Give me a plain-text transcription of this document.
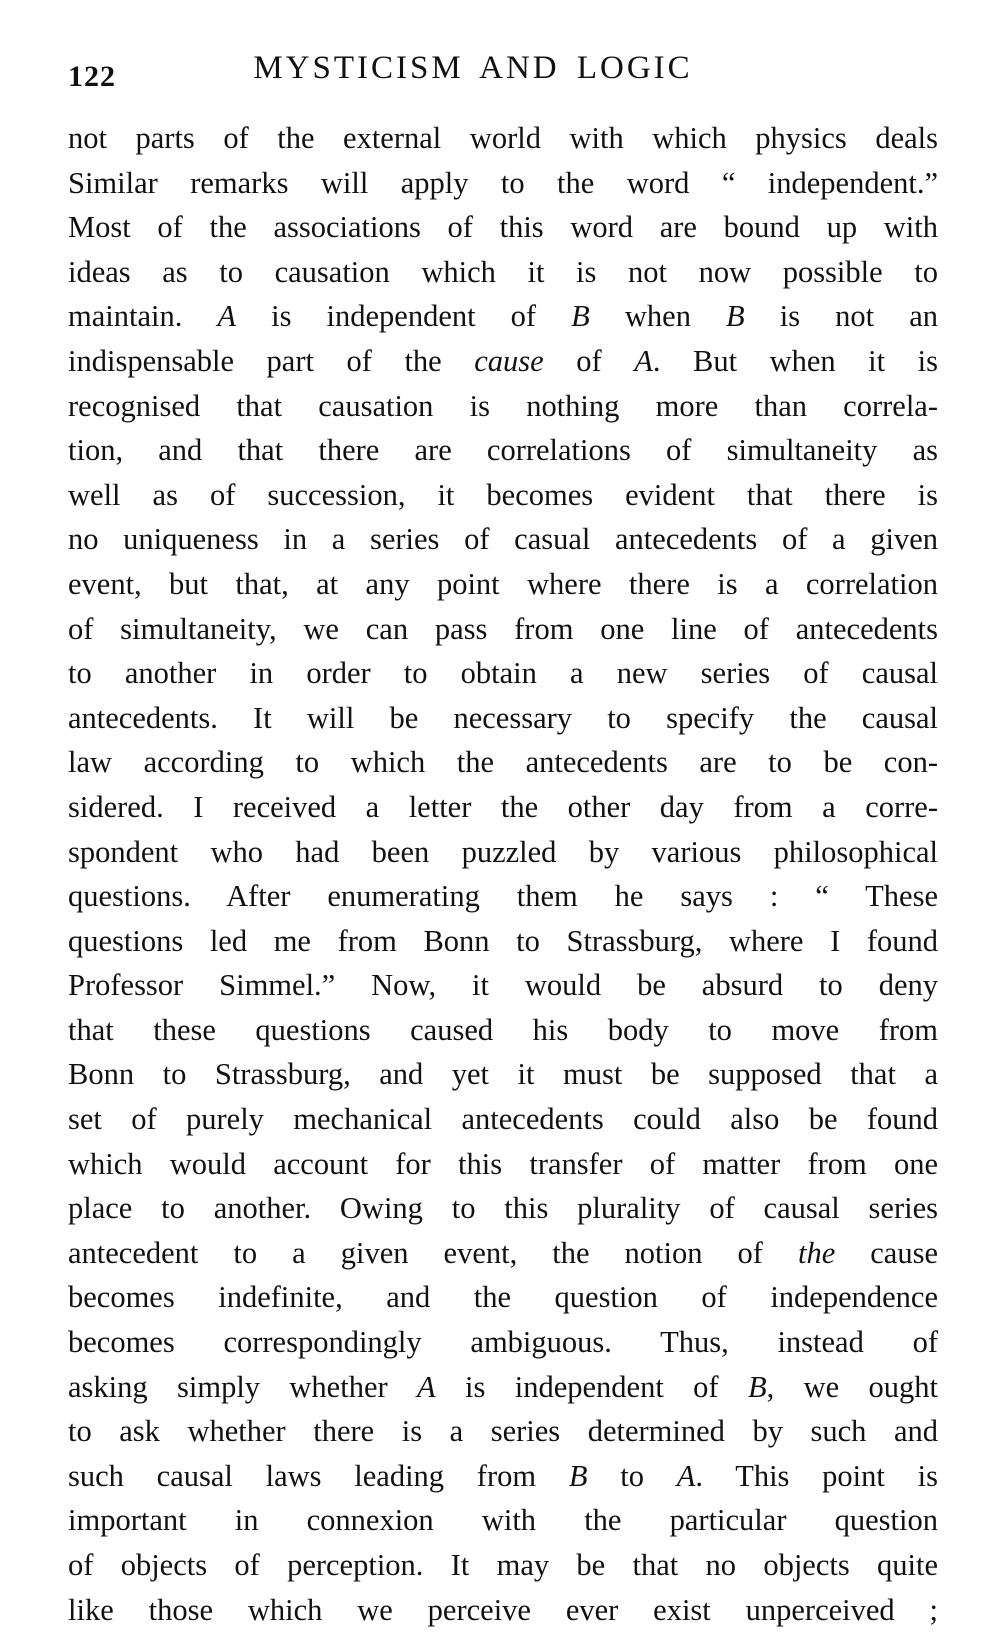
122	MYSTICISM AND LOGIC
not parts of the external world with which physics deals
Similar remarks will apply to the word “ independent.”
Most of the associations of this word are bound up with
ideas as to causation which it is not now possible to
maintain. A is independent of B when B is not an
indispensable part of the cause of A. But when it is
recognised that causation is nothing more than correla-
tion, and that there are correlations of simultaneity as
well as of succession, it becomes evident that there is
no uniqueness in a series of casual antecedents of a given
event, but that, at any point where there is a correlation
of simultaneity, we can pass from one line of antecedents
to another in order to obtain a new series of causal
antecedents. It will be necessary to specify the causal
law according to which the antecedents are to be con-
sidered. I received a letter the other day from a corre-
spondent who had been puzzled by various philosophical
questions. After enumerating them he says : “ These
questions led me from Bonn to Strassburg, where I found
Professor Simmel.” Now, it would be absurd to deny
that these questions caused his body to move from
Bonn to Strassburg, and yet it must be supposed that a
set of purely mechanical antecedents could also be found
which would account for this transfer of matter from one
place to another. Owing to this plurality of causal series
antecedent to a given event, the notion of the cause
becomes indefinite, and the question of independence
becomes correspondingly ambiguous. Thus, instead of
asking simply whether A is independent of B, we ought
to ask whether there is a series determined by such and
such causal laws leading from B to A. This point is
important in connexion with the particular question
of objects of perception. It may be that no objects quite
like those which we perceive ever exist unperceived ;
